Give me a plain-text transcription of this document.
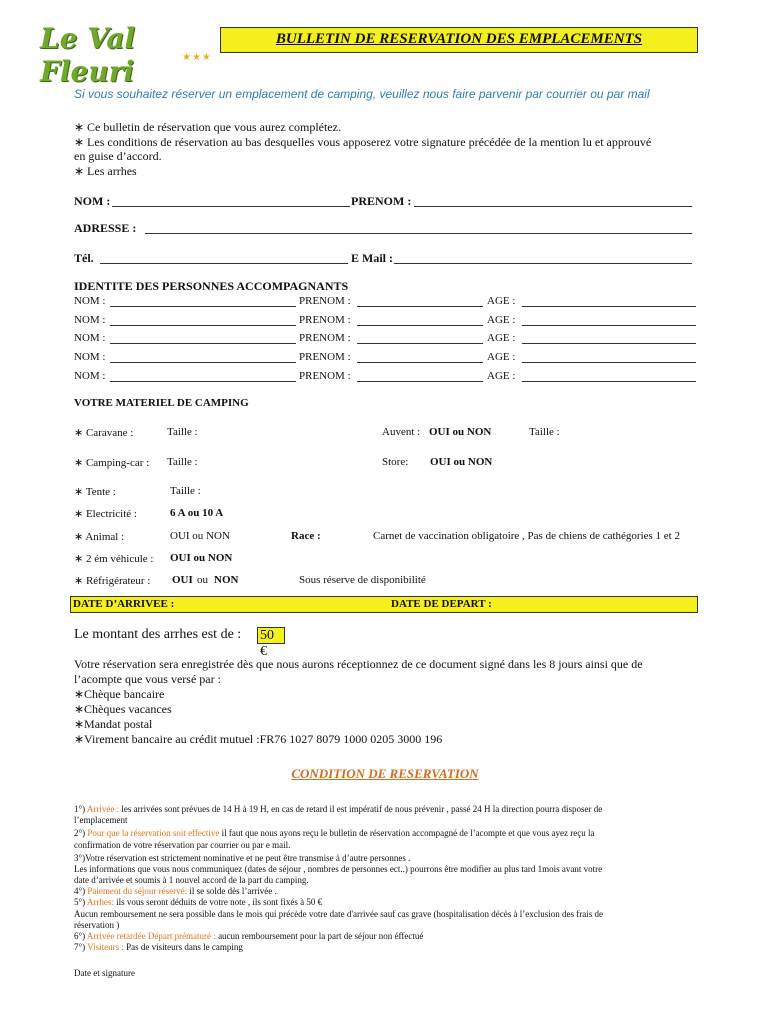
Le Val Fleuri	★★★
BULLETIN DE RESERVATION DES EMPLACEMENTS
Si vous souhaitez réserver un emplacement de camping, veuillez nous faire parvenir par courrier ou par mail
∗ Ce bulletin de réservation que vous aurez complétez.
∗ Les conditions de réservation au bas desquelles vous apposerez votre signature précédée de la mention lu et approuvé
en guise d’accord.
∗ Les arrhes
NOM :	PRENOM :
ADRESSE :
Tél.	E Mail :
IDENTITE DES PERSONNES ACCOMPAGNANTS
NOM :	PRENOM :	AGE :
NOM :	PRENOM :	AGE :
NOM :	PRENOM :	AGE :
NOM :	PRENOM :	AGE :
NOM :	PRENOM :	AGE :
VOTRE MATERIEL DE CAMPING
∗ Caravane :	Taille :	Auvent : OUI ou NON	Taille :
∗ Camping-car : Taille :	Store: OUI ou NON
∗ Tente :	Taille :
∗ Electricité :	6 A ou 10 A
∗ Animal :	OUI ou NON	Race :	Carnet de vaccination obligatoire , Pas de chiens de cathégories 1 et 2
∗ 2 ém véhicule : OUI ou NON
∗ Réfrigérateur : OUI ou NON	Sous réserve de disponibilité
DATE D’ARRIVEE :	DATE DE DEPART :
Le montant des arrhes est de : 50 €
Votre réservation sera enregistrée dès que nous aurons réceptionnez de ce document signé dans les 8 jours ainsi que de
l’acompte que vous versé par :
∗Chèque bancaire
∗Chèques vacances
∗Mandat postal
∗Virement bancaire au crédit mutuel :FR76 1027 8079 1000 0205 3000 196
CONDITION DE RESERVATION
1°) Arrivée : les arrivées sont prévues de 14 H à 19 H, en cas de retard il est impératif de nous prévenir , passé 24 H la direction pourra disposer de
l’emplacement
2°) Pour que la réservation soit effective il faut que nous ayons reçu le bulletin de réservation accompagné de l’acompte et que vous ayez reçu la
confirmation de votre réservation par courrier ou par e mail.
3°)Votre réservation est strictement nominative et ne peut être transmise à d’autre personnes .
Les informations que vous nous communiquez (dates de séjour , nombres de personnes ect..) pourrons être modifier au plus tard 1mois avant votre
date d’arrivée et soumis à 1 nouvel accord de la part du camping.
4°) Paiement du séjour réservé: il se solde dès l’arrivée .
5°) Arrhes: ils vous seront déduits de votre note , ils sont fixés à 50 €
Aucun remboursement ne sera possible dans le mois qui précède votre date d'arrivée sauf cas grave (hospitalisation décès à l’exclusion des frais de
réservation )
6°) Arrivée retardée Départ prématuré : aucun remboursement pour la part de séjour non éffectué
7°) Visiteurs : Pas de visiteurs dans le camping
Date et signature
